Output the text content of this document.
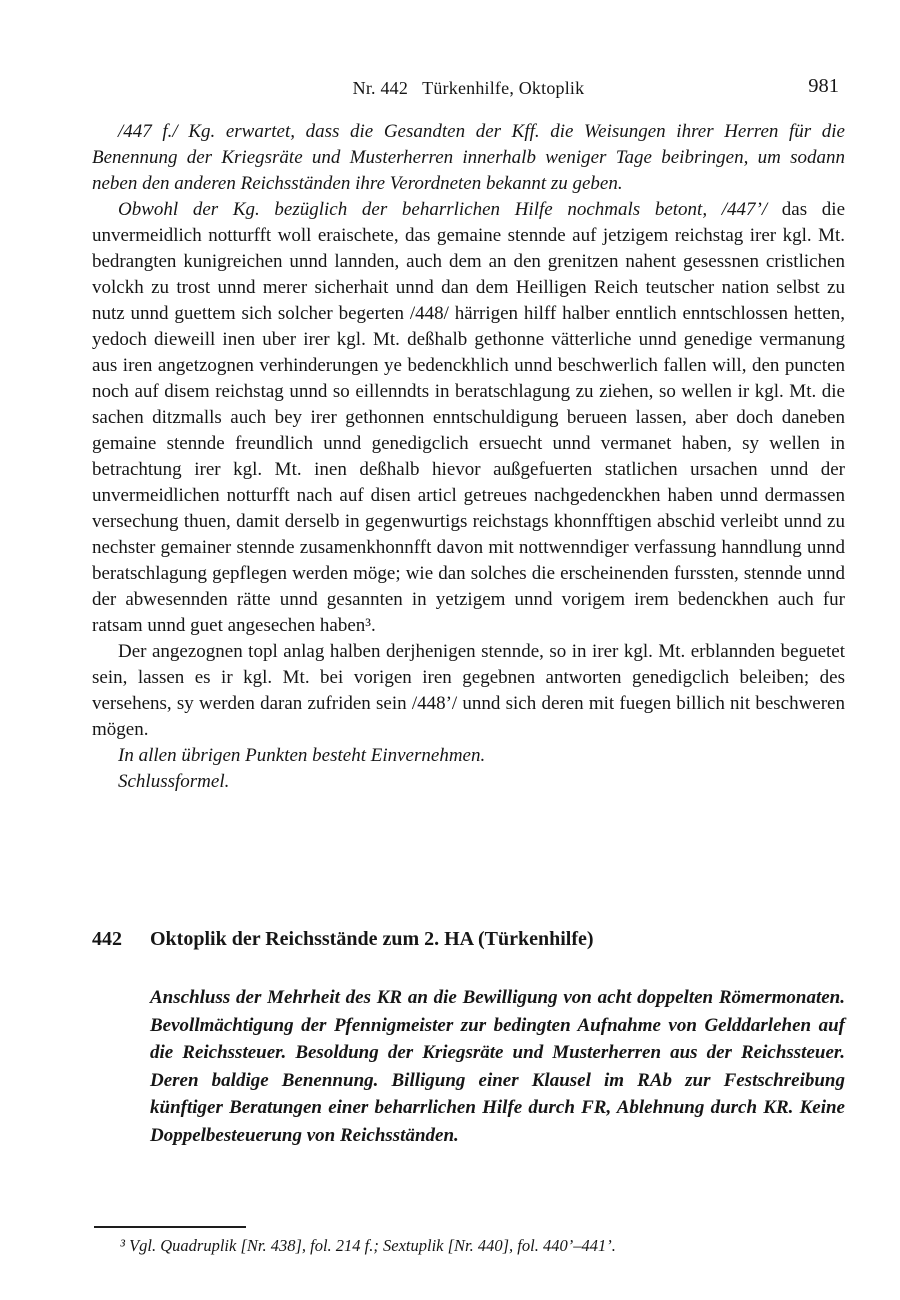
Nr. 442   Türkenhilfe, Oktoplik	981

/447 f./ Kg. erwartet, dass die Gesandten der Kff. die Weisungen ihrer Herren für die Benennung der Kriegsräte und Musterherren innerhalb weniger Tage beibringen, um sodann neben den anderen Reichsständen ihre Verordneten bekannt zu geben.

Obwohl der Kg. bezüglich der beharrlichen Hilfe nochmals betont, /447’/ das die unvermeidlich notturfft woll eraischete, das gemaine stennde auf jetzigem reichstag irer kgl. Mt. bedrangten kunigreichen unnd lannden, auch dem an den grenitzen nahent gesessnen cristlichen volckh zu trost unnd merer sicherhait unnd dan dem Heilligen Reich teutscher nation selbst zu nutz unnd guettem sich solcher begerten /448/ härrigen hilff halber enntlich enntschlossen hetten, yedoch dieweill inen uber irer kgl. Mt. deßhalb gethonne vätterliche unnd genedige vermanung aus iren angetzognen verhinderungen ye bedenckhlich unnd beschwerlich fallen will, den puncten noch auf disem reichstag unnd so eillenndts in beratschlagung zu ziehen, so wellen ir kgl. Mt. die sachen ditzmalls auch bey irer gethonnen enntschuldigung berueen lassen, aber doch daneben gemaine stennde freundlich unnd genedigclich ersuecht unnd vermanet haben, sy wellen in betrachtung irer kgl. Mt. inen deßhalb hievor außgefuerten statlichen ursachen unnd der unvermeidlichen notturfft nach auf disen articl getreues nachgedenckhen haben unnd dermassen versechung thuen, damit derselb in gegenwurtigs reichstags khonnfftigen abschid verleibt unnd zu nechster gemainer stennde zusamenkhonnfft davon mit nottwenndiger verfassung hanndlung unnd beratschlagung gepflegen werden möge; wie dan solches die erscheinenden furssten, stennde unnd der abwesennden rätte unnd gesannten in yetzigem unnd vorigem irem bedenckhen auch fur ratsam unnd guet angesechen haben³.

Der angezognen topl anlag halben derjhenigen stennde, so in irer kgl. Mt. erblannden beguetet sein, lassen es ir kgl. Mt. bei vorigen iren gegebnen antworten genedigclich beleiben; des versehens, sy werden daran zufriden sein /448’/ unnd sich deren mit fuegen billich nit beschweren mögen.

In allen übrigen Punkten besteht Einvernehmen.

Schlussformel.

442 Oktoplik der Reichsstände zum 2. HA (Türkenhilfe)

Anschluss der Mehrheit des KR an die Bewilligung von acht doppelten Römermonaten. Bevollmächtigung der Pfennigmeister zur bedingten Aufnahme von Gelddarlehen auf die Reichssteuer. Besoldung der Kriegsräte und Musterherren aus der Reichssteuer. Deren baldige Benennung. Billigung einer Klausel im RAb zur Festschreibung künftiger Beratungen einer beharrlichen Hilfe durch FR, Ablehnung durch KR. Keine Doppelbesteuerung von Reichsständen.

³ Vgl. Quadruplik [Nr. 438], fol. 214 f.; Sextuplik [Nr. 440], fol. 440’–441’.
